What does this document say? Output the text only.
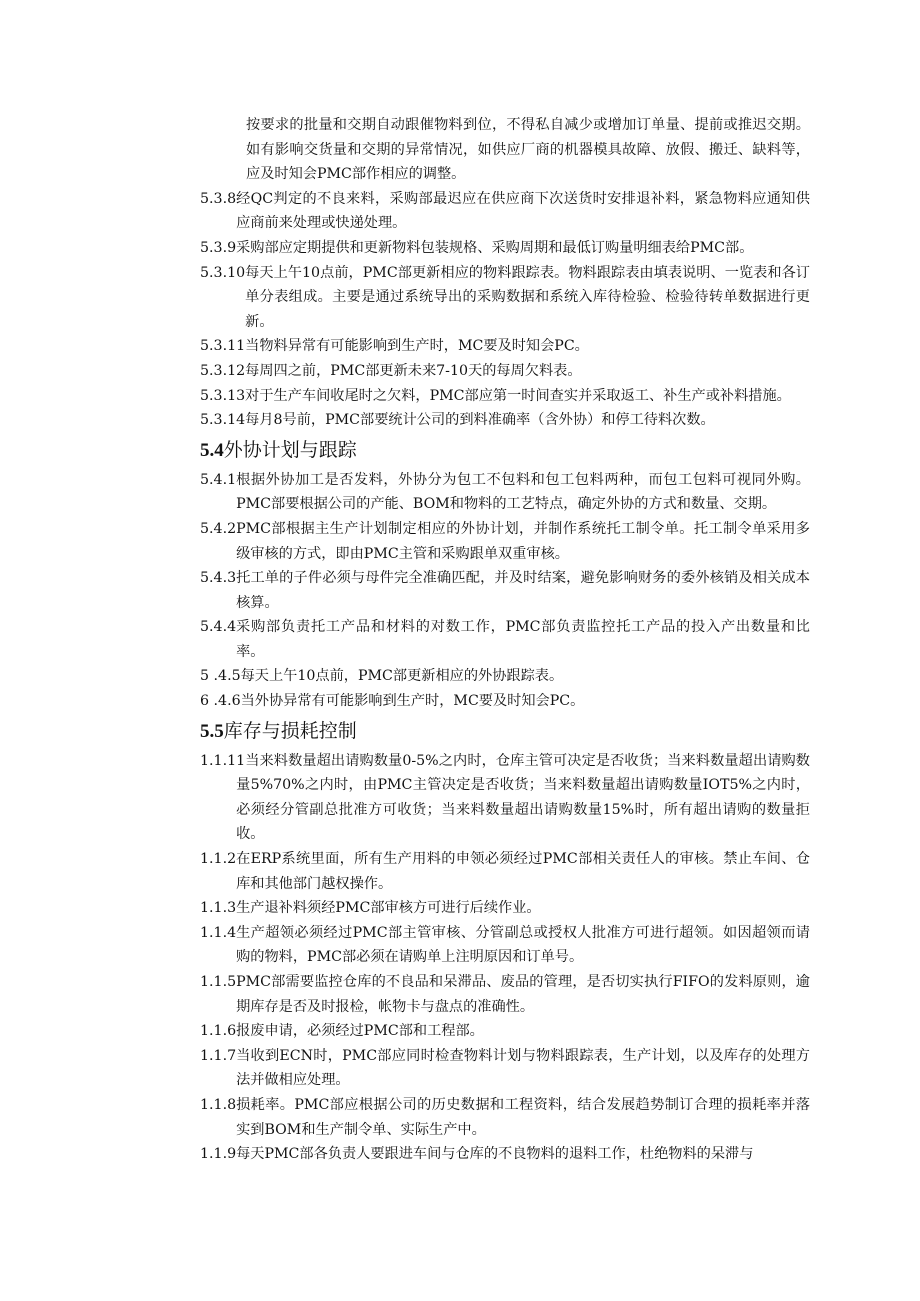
按要求的批量和交期自动跟催物料到位，不得私自减少或增加订单量、提前或推迟交期。如有影响交货量和交期的异常情况，如供应厂商的机器模具故障、放假、搬迁、缺料等，应及时知会PMC部作相应的调整。
5.3.8 经QC判定的不良来料，采购部最迟应在供应商下次送货时安排退补料，紧急物料应通知供应商前来处理或快递处理。
5.3.9 采购部应定期提供和更新物料包装规格、采购周期和最低订购量明细表给PMC部。
5.3.10 每天上午10点前，PMC部更新相应的物料跟踪表。物料跟踪表由填表说明、一览表和各订单分表组成。主要是通过系统导出的采购数据和系统入库待检验、检验待转单数据进行更新。
5.3.11 当物料异常有可能影响到生产时，MC要及时知会PC。
5.3.12 每周四之前，PMC部更新未来7-10天的每周欠料表。
5.3.13 对于生产车间收尾时之欠料，PMC部应第一时间查实并采取返工、补生产或补料措施。
5.3.14 每月8号前，PMC部要统计公司的到料准确率（含外协）和停工待料次数。
5.4外协计划与跟踪
5.4.1 根据外协加工是否发料，外协分为包工不包料和包工包料两种，而包工包料可视同外购。PMC部要根据公司的产能、BOM和物料的工艺特点，确定外协的方式和数量、交期。
5.4.2 PMC部根据主生产计划制定相应的外协计划，并制作系统托工制令单。托工制令单采用多级审核的方式，即由PMC主管和采购跟单双重审核。
5.4.3 托工单的子件必须与母件完全准确匹配，并及时结案，避免影响财务的委外核销及相关成本核算。
5.4.4 采购部负责托工产品和材料的对数工作，PMC部负责监控托工产品的投入产出数量和比率。
5 .4.5 每天上午10点前，PMC部更新相应的外协跟踪表。
6 .4.6 当外协异常有可能影响到生产时，MC要及时知会PC。
5.5库存与损耗控制
1.1.1 1当来料数量超出请购数量0-5%之内时，仓库主管可决定是否收货；当来料数量超出请购数量5%70%之内时，由PMC主管决定是否收货；当来料数量超出请购数量IOT5%之内时，必须经分管副总批准方可收货；当来料数量超出请购数量15%时，所有超出请购的数量拒收。
1.1.2 在ERP系统里面，所有生产用料的申领必须经过PMC部相关责任人的审核。禁止车间、仓库和其他部门越权操作。
1.1.3 生产退补料须经PMC部审核方可进行后续作业。
1.1.4 生产超领必须经过PMC部主管审核、分管副总或授权人批准方可进行超领。如因超领而请购的物料，PMC部必须在请购单上注明原因和订单号。
1.1.5 PMC部需要监控仓库的不良品和呆滞品、废品的管理，是否切实执行FIFO的发料原则，逾期库存是否及时报检，帐物卡与盘点的准确性。
1.1.6 报废申请，必须经过PMC部和工程部。
1.1.7 当收到ECN时，PMC部应同时检查物料计划与物料跟踪表，生产计划，以及库存的处理方法并做相应处理。
1.1.8 损耗率。PMC部应根据公司的历史数据和工程资料，结合发展趋势制订合理的损耗率并落实到BOM和生产制令单、实际生产中。
1.1.9 每天PMC部各负责人要跟进车间与仓库的不良物料的退料工作，杜绝物料的呆滞与
